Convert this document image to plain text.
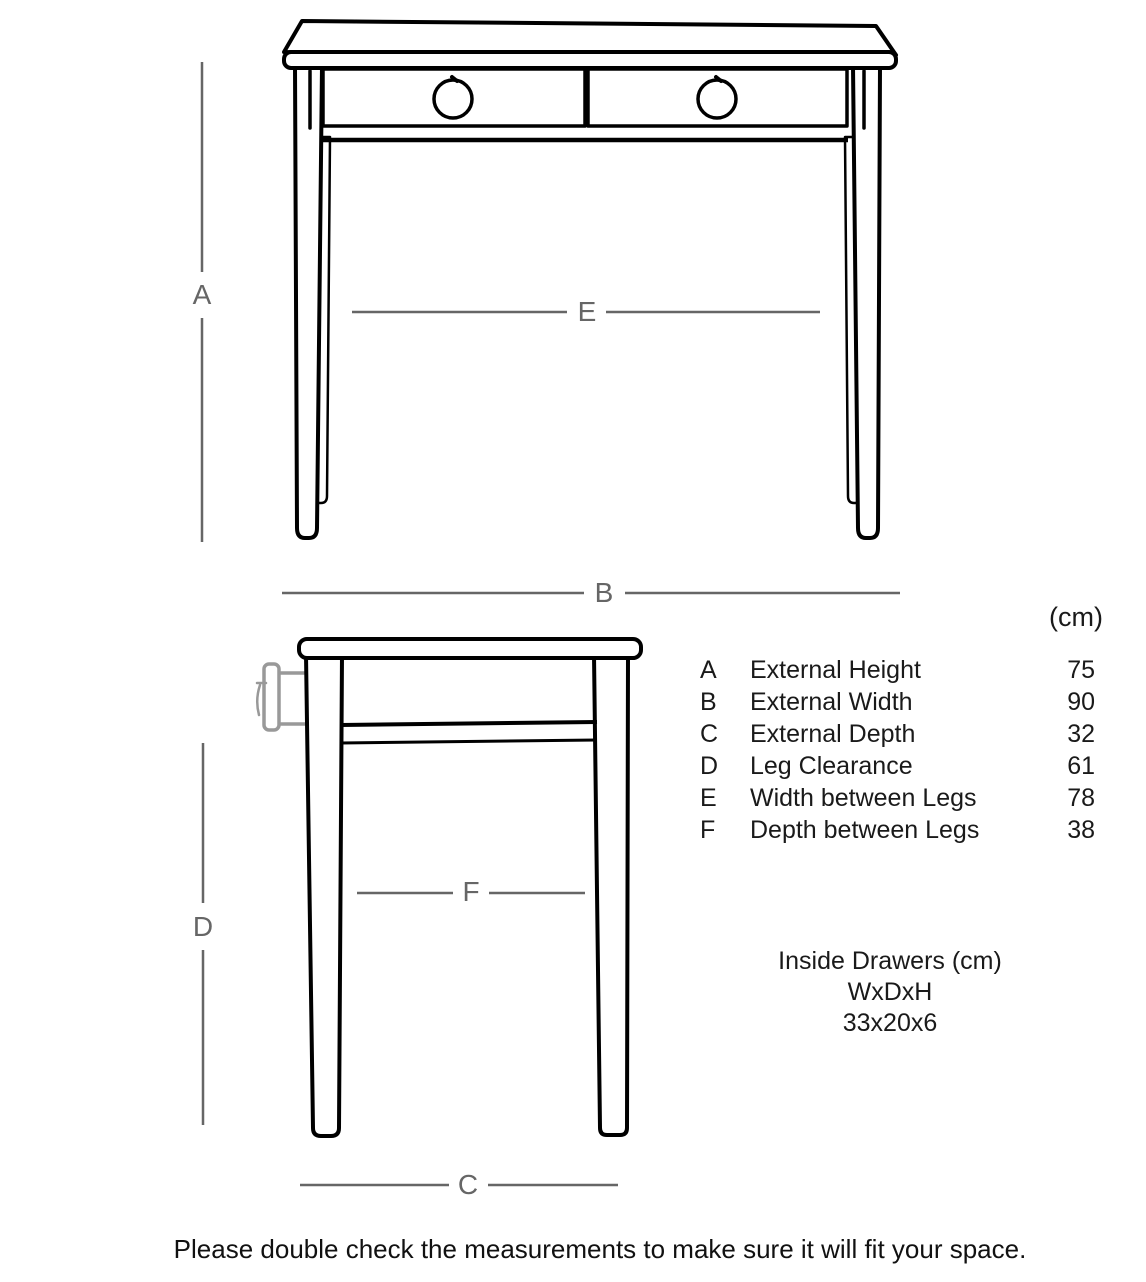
A
E
B
D
F
C
(cm)
A	External Height	75
B	External Width	90
C	External Depth	32
D	Leg Clearance	61
E	Width between Legs	78
F	Depth between Legs	38
Inside Drawers (cm)
WxDxH
33x20x6
Please double check the measurements to make sure it will fit your space.
